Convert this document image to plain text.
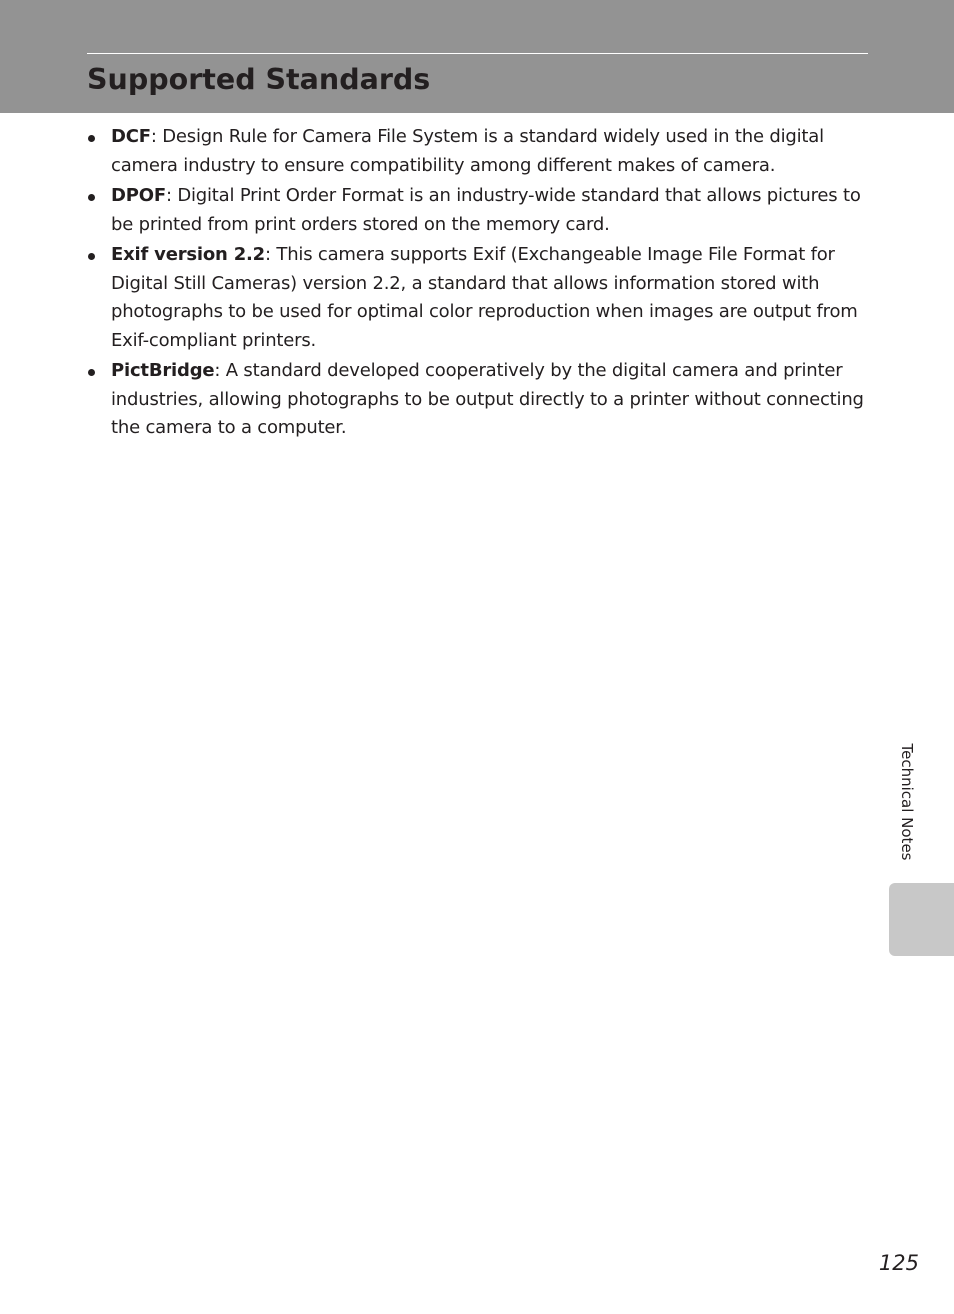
Supported Standards
DCF: Design Rule for Camera File System is a standard widely used in the digital camera industry to ensure compatibility among different makes of camera.
DPOF: Digital Print Order Format is an industry-wide standard that allows pictures to be printed from print orders stored on the memory card.
Exif version 2.2: This camera supports Exif (Exchangeable Image File Format for Digital Still Cameras) version 2.2, a standard that allows information stored with photographs to be used for optimal color reproduction when images are output from Exif-compliant printers.
PictBridge: A standard developed cooperatively by the digital camera and printer industries, allowing photographs to be output directly to a printer without connecting the camera to a computer.
Technical Notes
125
